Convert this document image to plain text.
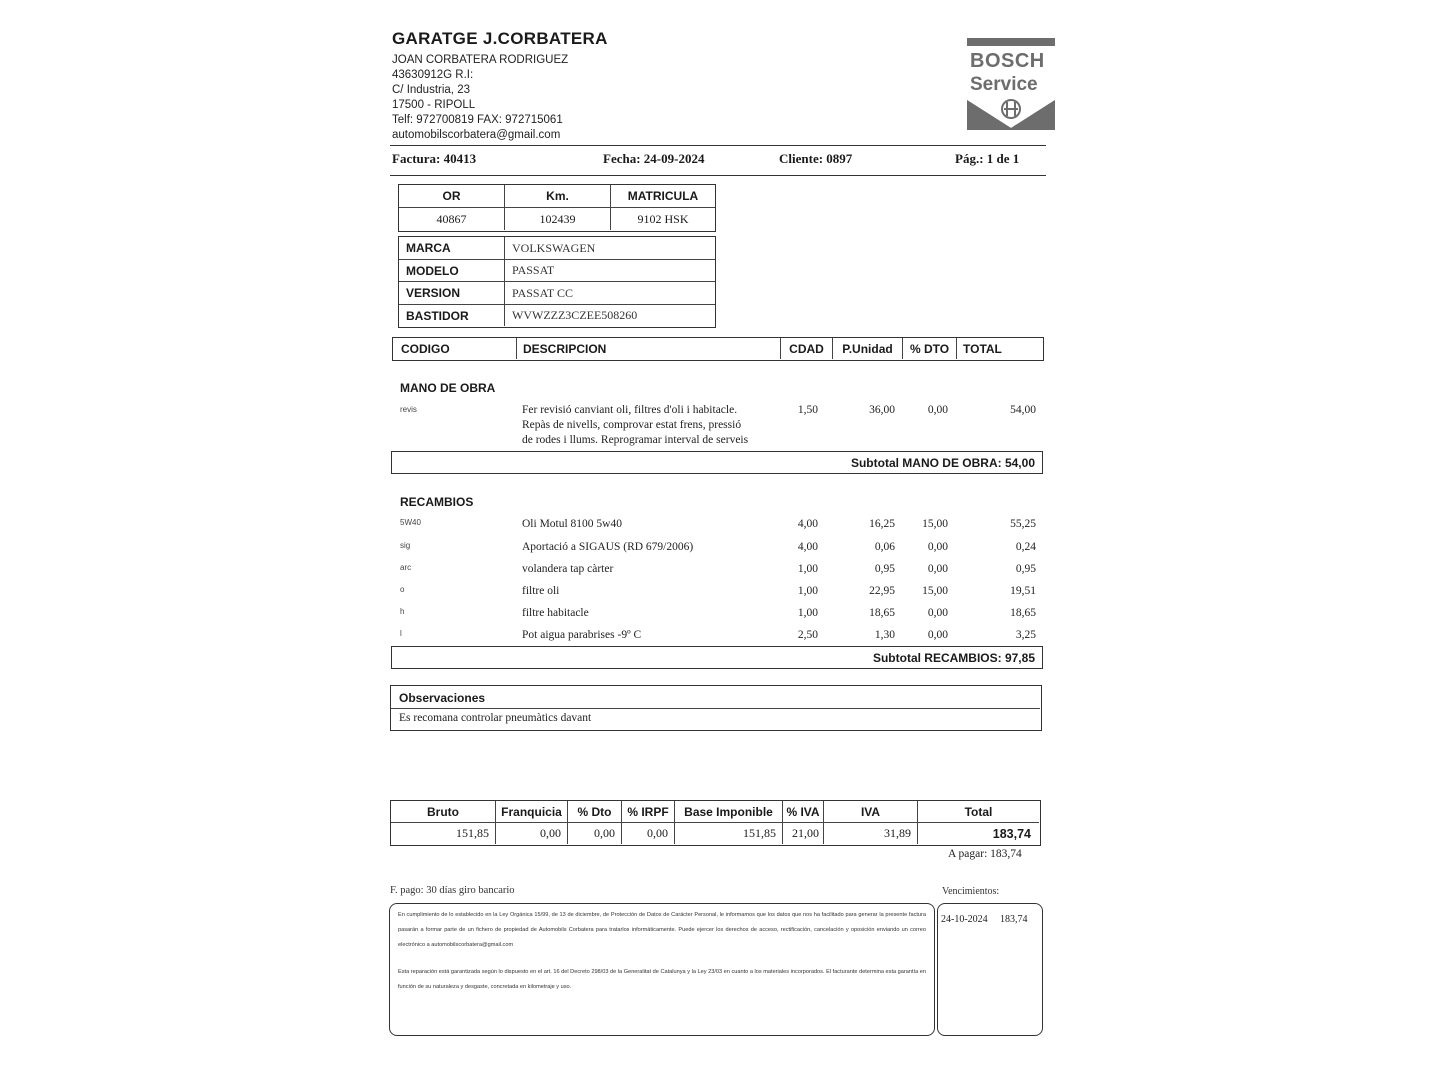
GARATGE J.CORBATERA
JOAN CORBATERA RODRIGUEZ
43630912G R.I:
C/ Industria, 23
17500 - RIPOLL
Telf: 972700819 FAX: 972715061
automobilscorbatera@gmail.com
BOSCH
Service
Factura: 40413	Fecha: 24-09-2024	Cliente: 0897	Pág.: 1 de 1
OR	Km.	MATRICULA
40867	102439	9102 HSK
MARCA	VOLKSWAGEN
MODELO	PASSAT
VERSION	PASSAT CC
BASTIDOR	WVWZZZ3CZEE508260
CODIGO	DESCRIPCION	CDAD	P.Unidad	% DTO	TOTAL
MANO DE OBRA
revis	Fer revisió canviant oli, filtres d'oli i habitacle.
Repàs de nivells, comprovar estat frens, pressió
de rodes i llums. Reprogramar interval de serveis
1,50	36,00	0,00	54,00
Subtotal MANO DE OBRA: 54,00
RECAMBIOS
5W40	Oli Motul 8100 5w40	4,00	16,25	15,00	55,25
sig	Aportació a SIGAUS (RD 679/2006)	4,00	0,06	0,00	0,24
arc	volandera tap càrter	1,00	0,95	0,00	0,95
o	filtre oli	1,00	22,95	15,00	19,51
h	filtre habitacle	1,00	18,65	0,00	18,65
l	Pot aigua parabrises -9º C	2,50	1,30	0,00	3,25
Subtotal RECAMBIOS: 97,85
Observaciones
Es recomana controlar pneumàtics davant
Bruto	Franquicia	% Dto	% IRPF	Base Imponible	% IVA	IVA	Total
151,85	0,00	0,00	0,00	151,85	21,00	31,89	183,74
A pagar: 183,74
F. pago: 30 días giro bancario	Vencimientos:
En cumplimiento de lo establecido en la Ley Orgánica 15/99, de 13 de diciembre, de Protección de Datos de Carácter Personal, le informamos que los datos que nos ha facilitado para generar la presente factura pasarán a formar parte de un fichero de propiedad de Automobils Corbatera para tratarlos informáticamente. Puede ejercer los derechos de acceso, rectificación, cancelación y oposición enviando un correo electrónico a automobilscorbatera@gmail.com
Esta reparación está garantizada según lo dispuesto en el art. 16 del Decreto 298/03 de la Generalitat de Catalunya y la Ley 23/03 en cuanto a los materiales incorporados. El facturante determina esta garantía en función de su naturaleza y desgaste, concretada en kilometraje y uso.
24-10-2024 183,74
